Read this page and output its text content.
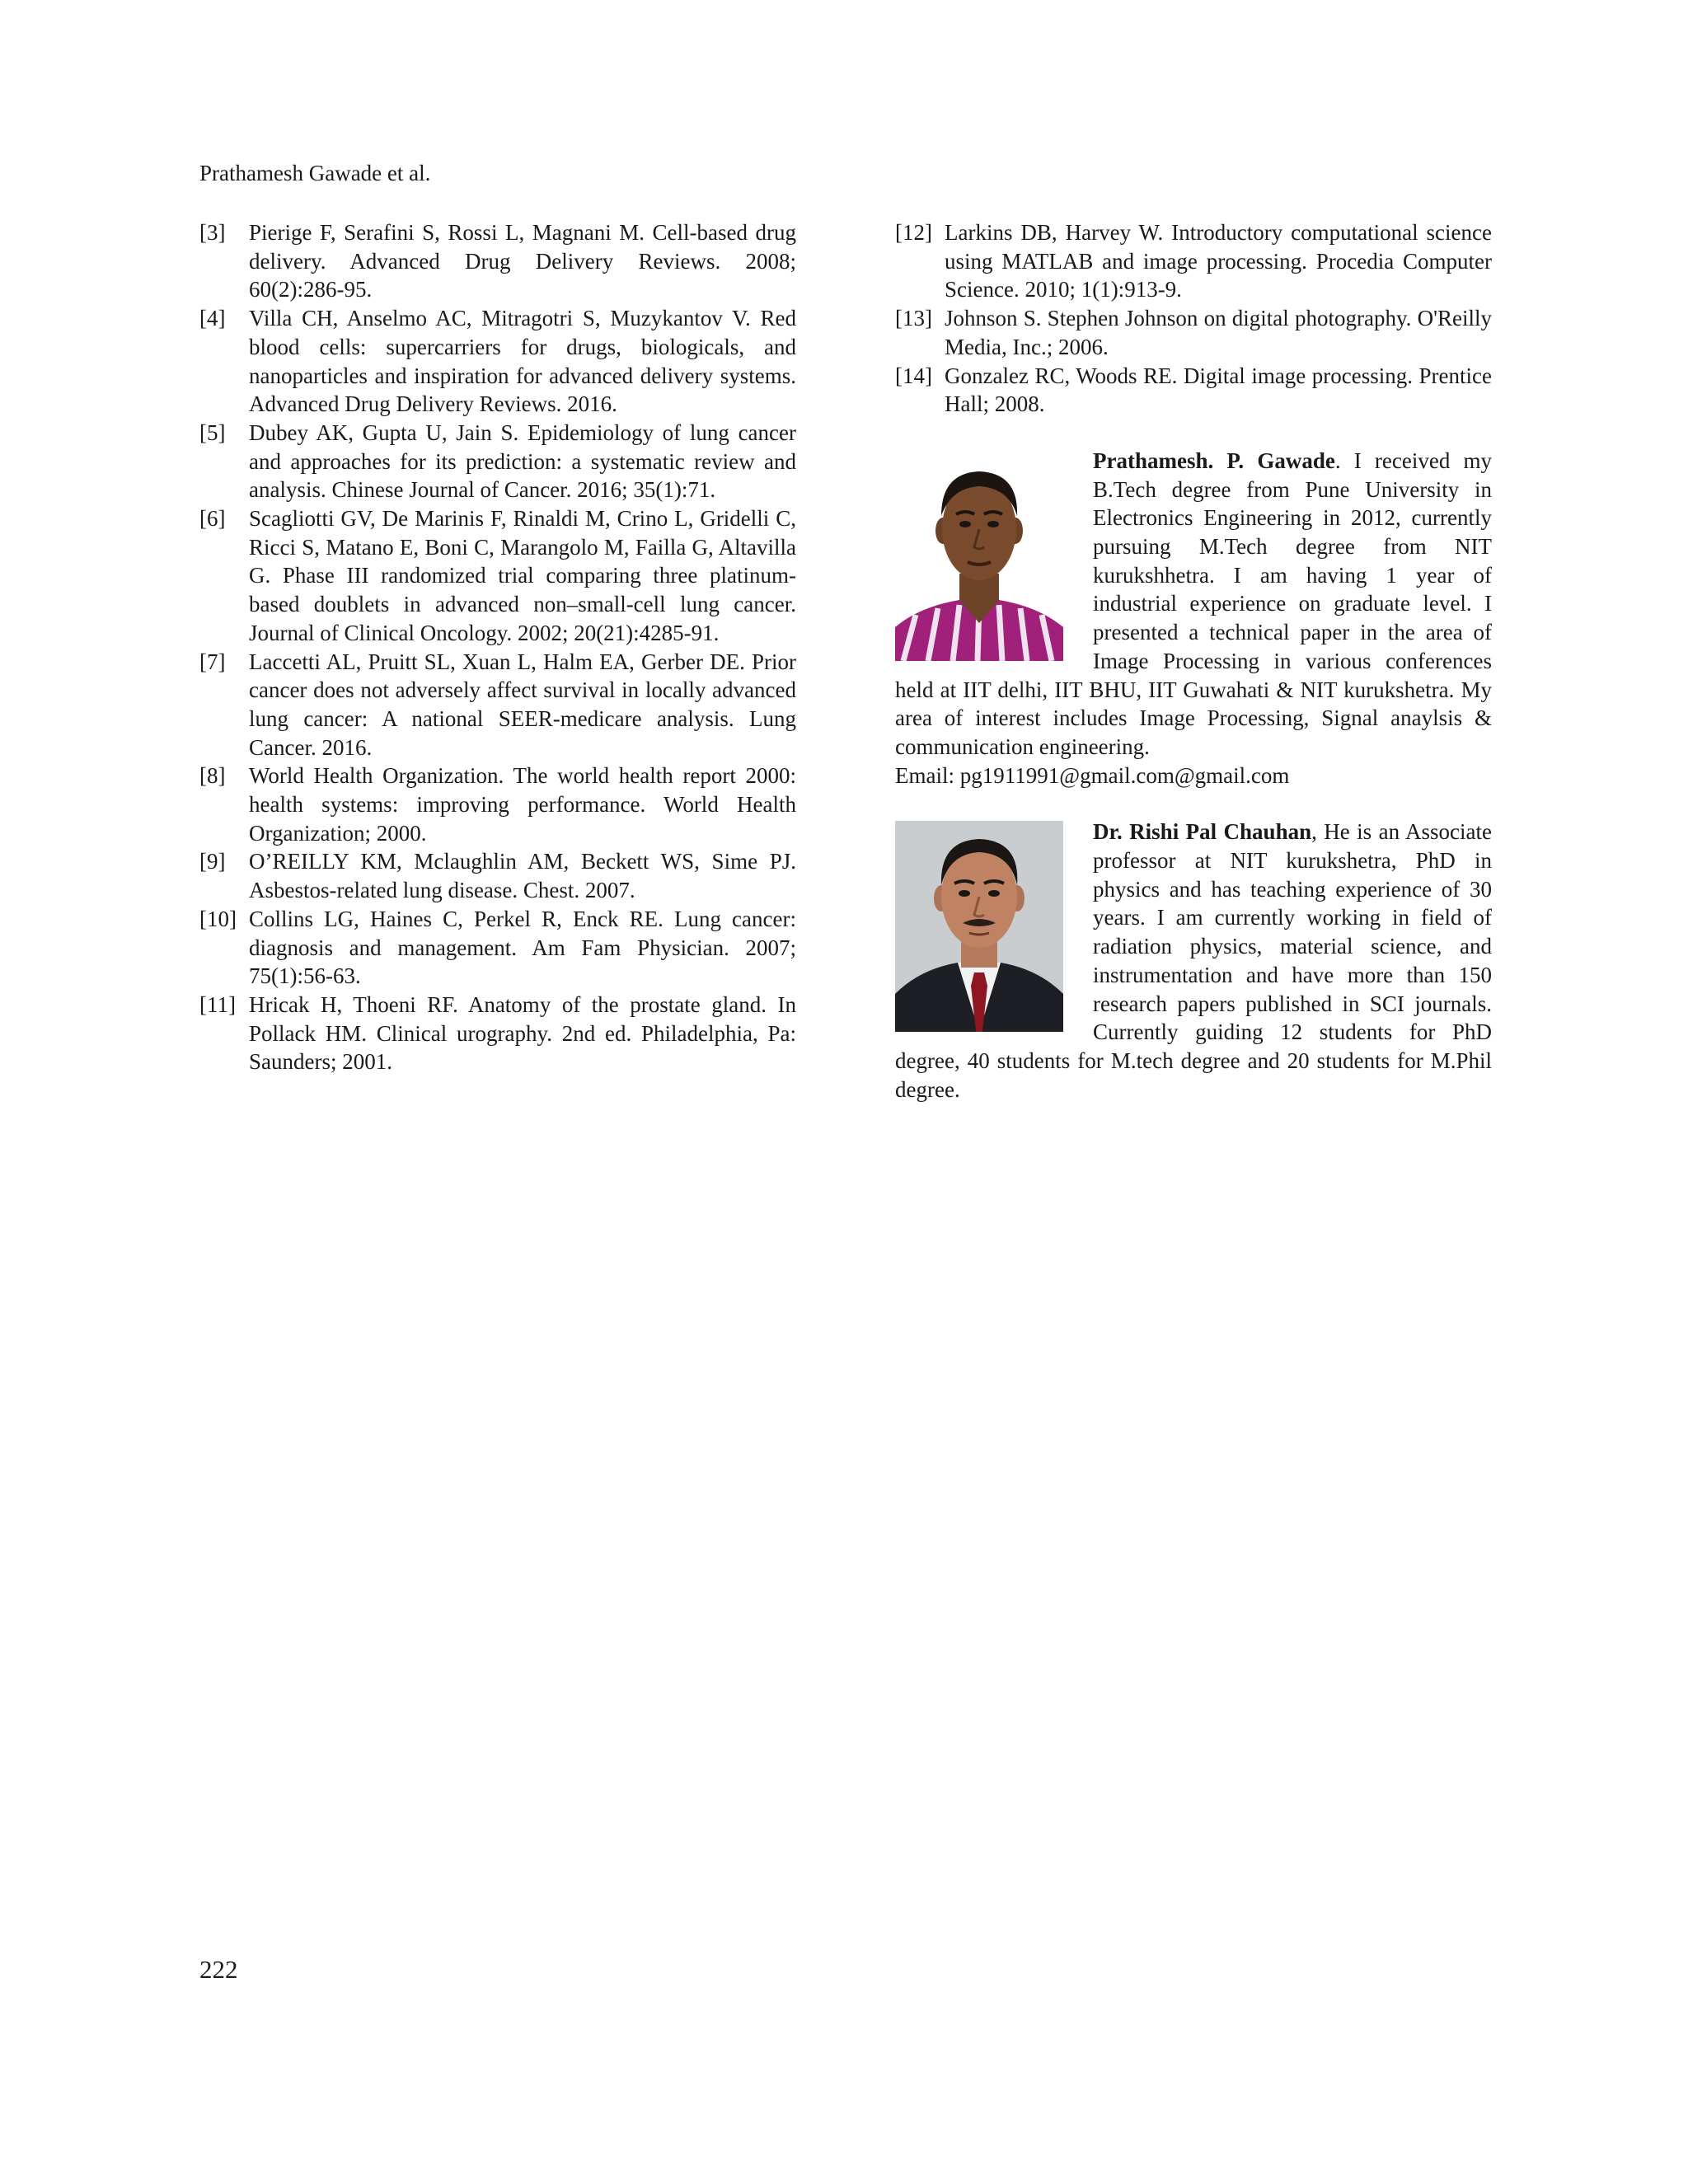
Prathamesh Gawade et al.

[3] Pierige F, Serafini S, Rossi L, Magnani M. Cell-based drug delivery. Advanced Drug Delivery Reviews. 2008; 60(2):286-95.

[4] Villa CH, Anselmo AC, Mitragotri S, Muzykantov V. Red blood cells: supercarriers for drugs, biologicals, and nanoparticles and inspiration for advanced delivery systems. Advanced Drug Delivery Reviews. 2016.

[5] Dubey AK, Gupta U, Jain S. Epidemiology of lung cancer and approaches for its prediction: a systematic review and analysis. Chinese Journal of Cancer. 2016; 35(1):71.

[6] Scagliotti GV, De Marinis F, Rinaldi M, Crino L, Gridelli C, Ricci S, Matano E, Boni C, Marangolo M, Failla G, Altavilla G. Phase III randomized trial comparing three platinum-based doublets in advanced non–small-cell lung cancer. Journal of Clinical Oncology. 2002; 20(21):4285-91.

[7] Laccetti AL, Pruitt SL, Xuan L, Halm EA, Gerber DE. Prior cancer does not adversely affect survival in locally advanced lung cancer: A national SEER-medicare analysis. Lung Cancer. 2016.

[8] World Health Organization. The world health report 2000: health systems: improving performance. World Health Organization; 2000.

[9] O’REILLY KM, Mclaughlin AM, Beckett WS, Sime PJ. Asbestos-related lung disease. Chest. 2007.

[10] Collins LG, Haines C, Perkel R, Enck RE. Lung cancer: diagnosis and management. Am Fam Physician. 2007; 75(1):56-63.

[11] Hricak H, Thoeni RF. Anatomy of the prostate gland. In Pollack HM. Clinical urography. 2nd ed. Philadelphia, Pa: Saunders; 2001.

[12] Larkins DB, Harvey W. Introductory computational science using MATLAB and image processing. Procedia Computer Science. 2010; 1(1):913-9.

[13] Johnson S. Stephen Johnson on digital photography. O'Reilly Media, Inc.; 2006.

[14] Gonzalez RC, Woods RE. Digital image processing. Prentice Hall; 2008.

Prathamesh. P. Gawade. I received my B.Tech degree from Pune University in Electronics Engineering in 2012, currently pursuing M.Tech degree from NIT kurukshhetra. I am having 1 year of industrial experience on graduate level. I presented a technical paper in the area of Image Processing in various conferences held at IIT delhi, IIT BHU, IIT Guwahati & NIT kurukshetra. My area of interest includes Image Processing, Signal anaylsis & communication engineering.
Email: pg1911991@gmail.com@gmail.com
Dr. Rishi Pal Chauhan, He is an Associate professor at NIT kurukshetra, PhD in physics and has teaching experience of 30 years. I am currently working in field of radiation physics, material science, and instrumentation and have more than 150 research papers published in SCI journals. Currently guiding 12 students for PhD degree, 40 students for M.tech degree and 20 students for M.Phil degree.
222
